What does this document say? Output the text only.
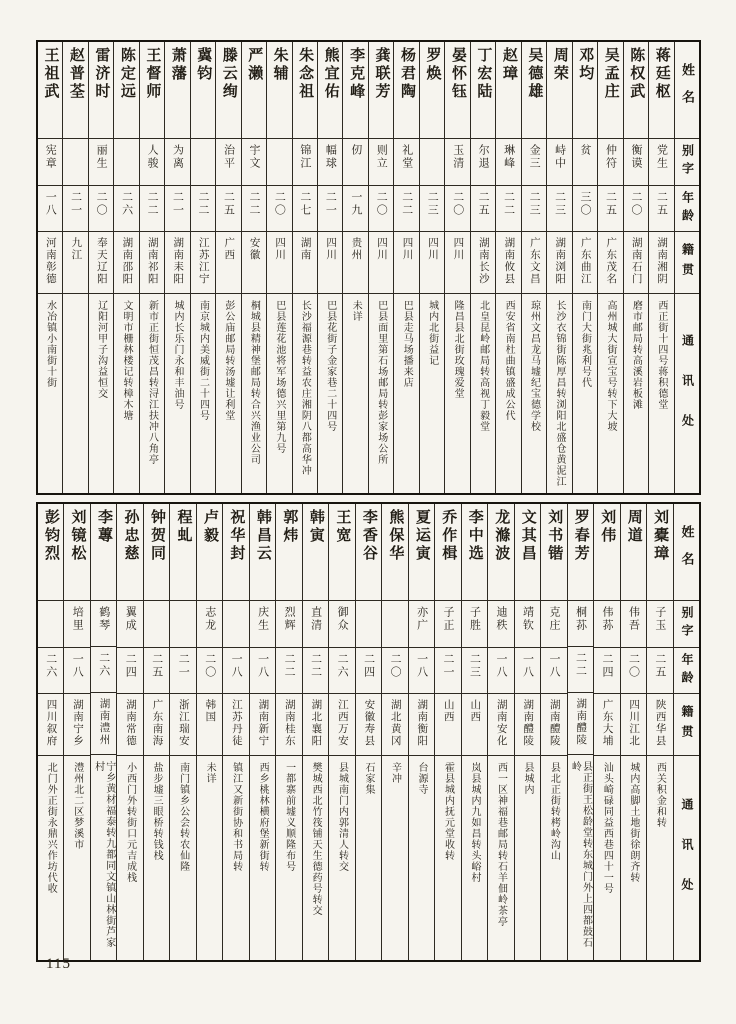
姓名
别字
年龄
籍贯
通讯处
蒋廷枢
党生
二五
湖南湘阴
西正街十四号蒋积德堂
陈权武
衡谟
二〇
湖南石门
磨市邮局转高溪岩板滩
吴孟庄
仲符
二五
广东茂名
高州城大街宣宝号转下大坡
邓均
贫
三〇
广东曲江
南门大街兆利号代
周荣
峙中
二三
湖南浏阳
长沙衣锦街陈厚昌转浏阳北盛仓黄泥江
吴德雄
金三
二三
广东文昌
琼州文昌龙马墟纪宝德学校
赵璋
琳峰
二二
湖南攸县
西安省南杜曲镇盛成公代
丁宏陆
尔退
二五
湖南长沙
北皇昆岭邮局转高视丁毅堂
晏怀钰
玉清
二〇
四川
隆昌县北街玫瑰爱堂
罗焕
二三
四川
城内北街益记
杨君陶
礼堂
二二
四川
巴县走马场播来店
龚联芳
则立
二〇
四川
巴县面里第石场邮局转彭家场公所
李克峰
仞
一九
贵州
未详
熊宜佑
幅球
二一
四川
巴县花街子金家巷二十四号
朱念祖
锦江
二七
湖南
长沙福源巷转益农庄湘阴八都高华冲
朱辅
二〇
四川
巴县莲花池将军场德兴里第九号
严濑
宇文
二二
安徽
桐城县精神堡邮局转合兴渔业公司
滕云绚
治平
二五
广西
彭公庙邮局转汤墟让利堂
冀钧
二二
江苏江宁
南京城内美威街二十四号
萧藩
为离
二一
湖南耒阳
城内长乐门永和丰油号
王督师
人骏
二二
湖南祁阳
新市正街恒茂昌转浔江扶冲八角亭
陈定远
二六
湖南邵阳
文明市栅林楼记转樟木塘
雷济时
丽生
二〇
奉天辽阳
辽阳河甲子沟益恒交
赵普荃
二一
九江
王祖武
宪章
一八
河南彰德
水冶镇小南街十街
姓名
别字
年龄
籍贯
通讯处
刘橐璋
子玉
二五
陕西华县
西关积金和转
周道
伟吾
二〇
四川江北
城内高脚土地街徐朗齐转
刘伟
伟荪
二四
广东大埔
汕头崎碌同益西巷四十一号
罗春芳
桐荪
二二
湖南醴陵
县正街王松龄堂转东城门外上四都鼓石岭
刘书锴
克庄
一八
湖南醴陵
县北正街转栲岭沟山
文其昌
靖钦
一八
湖南醴陵
县城内
龙滌波
迪秩
一八
湖南安化
西一区神福巷邮局转石羊佃岭茶亭
李中选
子胜
二三
山西
岚县城内九如昌转头峪村
乔作楫
子正
二一
山西
霍县城内抚元堂收转
夏运寅
亦广
一八
湖南衡阳
台源寺
熊保华
二〇
湖北黄冈
辛冲
李香谷
二四
安徽寿县
石家集
王宽
御众
二六
江西万安
县城南门内郭清人转交
韩寅
直清
二二
湖北襄阳
樊城西北竹筏铺天生德药号转交
郭炜
烈辉
二二
湖南桂东
一都寨前墟义顺隆布号
韩昌云
庆生
一八
湖南新宁
西乡桃林横府堡新街转
祝华封
一八
江苏丹徒
镇江又新街协和书局转
卢毅
志龙
二〇
韩国
未详
程虬
二一
浙江瑞安
南门镇乡公会转农仙隆
钟贺同
二五
广东南海
盐步墟三眼桥转钱栈
孙忠慈
翼成
二四
湖南常德
小西门外转街口元吉成栈
李蓴
鹤琴
二六
湖南澧州
宁乡黄材福泰转九都同文镇山林街芦家村
刘镜松
培里
一八
湖南宁乡
澧州北二区梦溪市
彭钧烈
二六
四川叙府
北门外正街永鼎兴作坊代收
115
